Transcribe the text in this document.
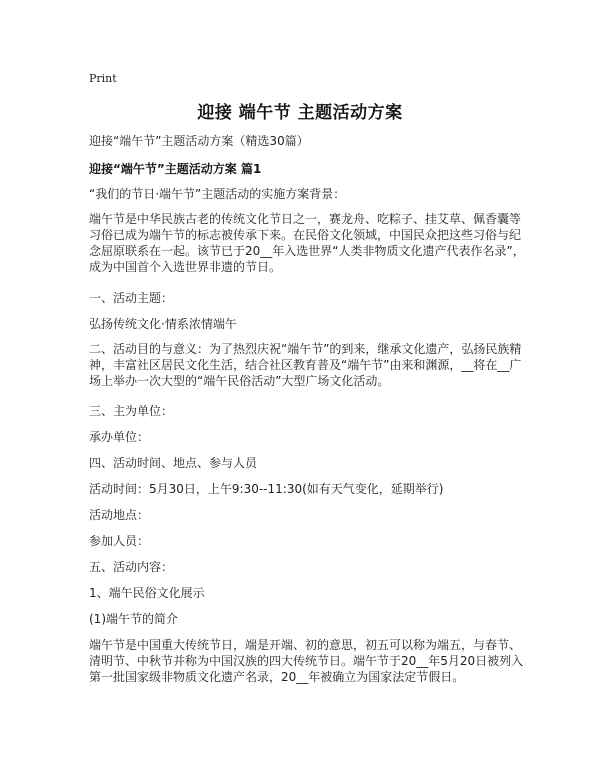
Print
迎接 端午节 主题活动方案
迎接“端午节”主题活动方案（精选30篇）
迎接“端午节”主题活动方案 篇1

“我们的节日·端午节”主题活动的实施方案背景：

端午节是中华民族古老的传统文化节日之一，赛龙舟、吃粽子、挂艾草、佩香囊等习俗已成为端午节的标志被传承下来。在民俗文化领域，中国民众把这些习俗与纪念屈原联系在一起。该节已于20__年入选世界“人类非物质文化遗产代表作名录”，成为中国首个入选世界非遗的节日。

一、活动主题：

弘扬传统文化·情系浓情端午

二、活动目的与意义：为了热烈庆祝“端午节”的到来，继承文化遗产，弘扬民族精神，丰富社区居民文化生活，结合社区教育普及“端午节”由来和渊源，__将在__广场上举办一次大型的“端午民俗活动”大型广场文化活动。

三、主为单位：

承办单位：

四、活动时间、地点、参与人员

活动时间：5月30日，上午9:30--11:30(如有天气变化，延期举行)

活动地点：

参加人员：

五、活动内容：

1、端午民俗文化展示

(1)端午节的简介

端午节是中国重大传统节日，端是开端、初的意思，初五可以称为端五，与春节、清明节、中秋节并称为中国汉族的四大传统节日。端午节于20__年5月20日被列入第一批国家级非物质文化遗产名录，20__年被确立为国家法定节假日。
